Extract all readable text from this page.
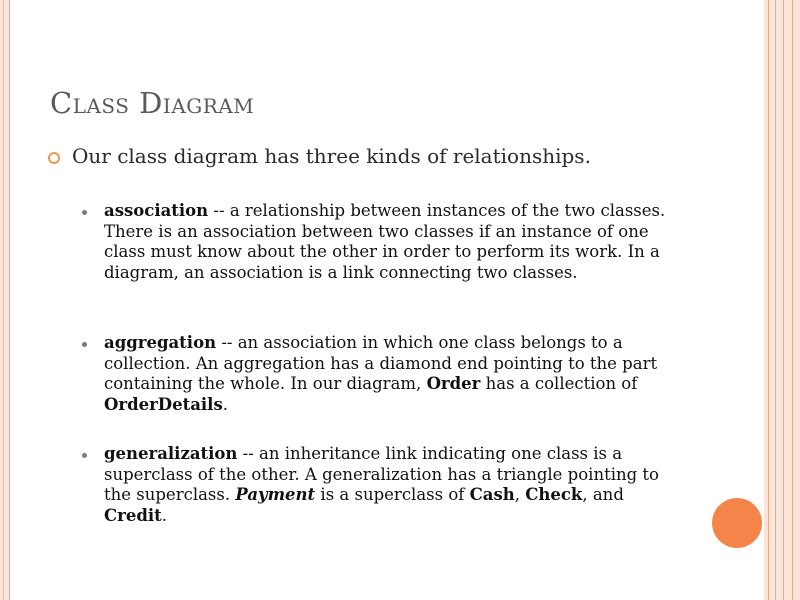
Class Diagram
Our class diagram has three kinds of relationships.
association -- a relationship between instances of the two classes. There is an association between two classes if an instance of one class must know about the other in order to perform its work. In a diagram, an association is a link connecting two classes.
aggregation -- an association in which one class belongs to a collection. An aggregation has a diamond end pointing to the part containing the whole. In our diagram, Order has a collection of OrderDetails.
generalization -- an inheritance link indicating one class is a superclass of the other. A generalization has a triangle pointing to the superclass. Payment is a superclass of Cash, Check, and Credit.
